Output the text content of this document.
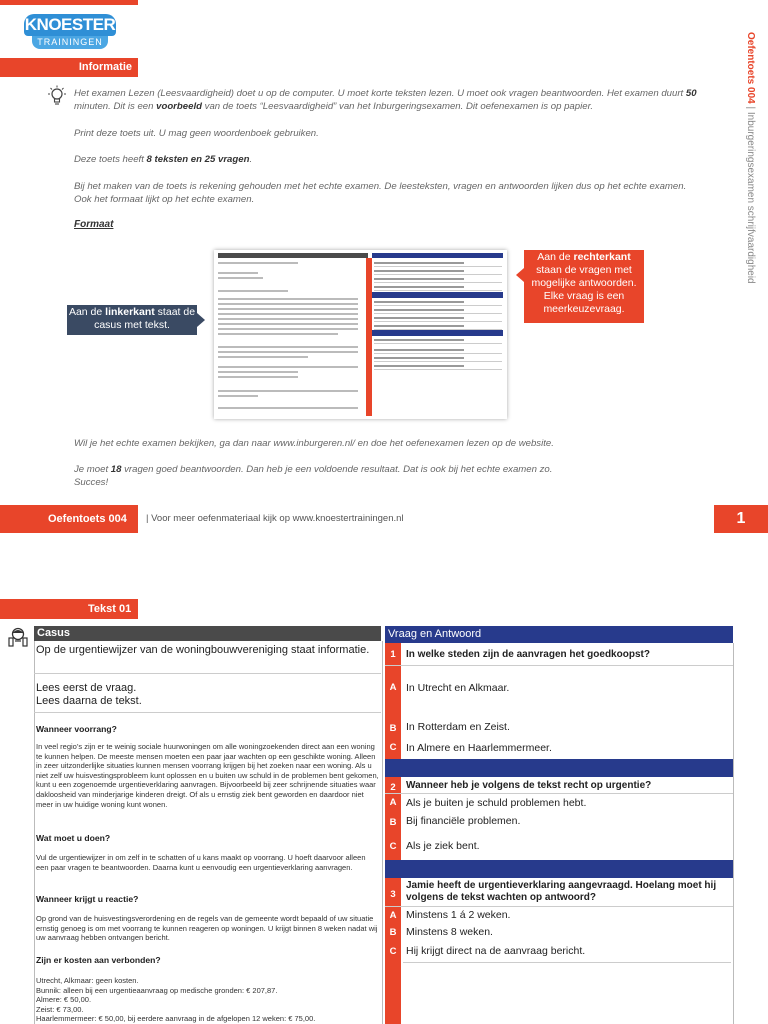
KNOESTER
TRAININGEN
Informatie
Het examen Lezen (Leesvaardigheid) doet u op de computer. U moet korte teksten lezen. U moet ook vragen beantwoorden. Het examen duurt 50 minuten. Dit is een voorbeeld van de toets “Leesvaardigheid” van het Inburgeringsexamen. Dit oefenexamen is op papier.
Print deze toets uit. U mag geen woordenboek gebruiken.
Deze toets heeft 8 teksten en 25 vragen.
Bij het maken van de toets is rekening gehouden met het echte examen. De leesteksten, vragen en antwoorden lijken dus op het echte examen. Ook het formaat lijkt op het echte examen.
Formaat
Aan de linkerkant staat de casus met tekst.
Aan de rechterkant staan de vragen met mogelijke antwoorden. Elke vraag is een meerkeuzevraag.
Wil je het echte examen bekijken, ga dan naar www.inburgeren.nl/ en doe het oefenexamen lezen op de website.
Je moet 18 vragen goed beantwoorden. Dan heb je een voldoende resultaat. Dat is ook bij het echte examen zo.
Succes!
Oefentoets 004 | Voor meer oefenmateriaal kijk op www.knoestertrainingen.nl	1
Oefentoets 004 | Inburgeringsexamen schrijfvaardigheid
Tekst 01
Casus
Op de urgentiewijzer van de woningbouwvereniging staat informatie.
Lees eerst de vraag.
Lees daarna de tekst.
Wanneer voorrang?
In veel regio’s zijn er te weinig sociale huurwoningen om alle woningzoekenden direct aan een woning te kunnen helpen. De meeste mensen moeten een paar jaar wachten op een geschikte woning. Alleen in zeer uitzonderlijke situaties kunnen mensen voorrang krijgen bij het zoeken naar een woning. Als u niet zelf uw huisvestingsprobleem kunt oplossen en u buiten uw schuld in de problemen bent gekomen, kunt u een zogenoemde urgentieverklaring aanvragen. Bijvoorbeeld bij zeer schrijnende situaties waar dakloosheid van minderjarige kinderen dreigt. Of als u ernstig ziek bent geworden en daardoor niet meer in uw huidige woning kunt wonen.
Wat moet u doen?
Vul de urgentiewijzer in om zelf in te schatten of u kans maakt op voorrang. U hoeft daarvoor alleen een paar vragen te beantwoorden. Daarna kunt u eenvoudig een urgentieverklaring aanvragen.
Wanneer krijgt u reactie?
Op grond van de huisvestingsverordening en de regels van de gemeente wordt bepaald of uw situatie ernstig genoeg is om met voorrang te kunnen reageren op woningen. U krijgt binnen 8 weken nadat wij uw aanvraag hebben ontvangen bericht.
Zijn er kosten aan verbonden?
Utrecht, Alkmaar: geen kosten.
Bunnik: alleen bij een urgentieaanvraag op medische gronden: € 207,87.
Almere: € 50,00.
Zeist: € 73,00.
Haarlemmermeer: € 50,00, bij eerdere aanvraag in de afgelopen 12 weken: € 75,00.
Vraag en Antwoord
1	In welke steden zijn de aanvragen het goedkoopst?
A In Utrecht en Alkmaar.
B In Rotterdam en Zeist.
C In Almere en Haarlemmermeer.
2	Wanneer heb je volgens de tekst recht op urgentie?
A Als je buiten je schuld problemen hebt.
B Bij financiële problemen.
C Als je ziek bent.
3
Jamie heeft de urgentieverklaring aangevraagd. Hoelang moet hij volgens de tekst wachten op antwoord?
A Minstens 1 á 2 weken.
B Minstens 8 weken.
C Hij krijgt direct na de aanvraag bericht.
